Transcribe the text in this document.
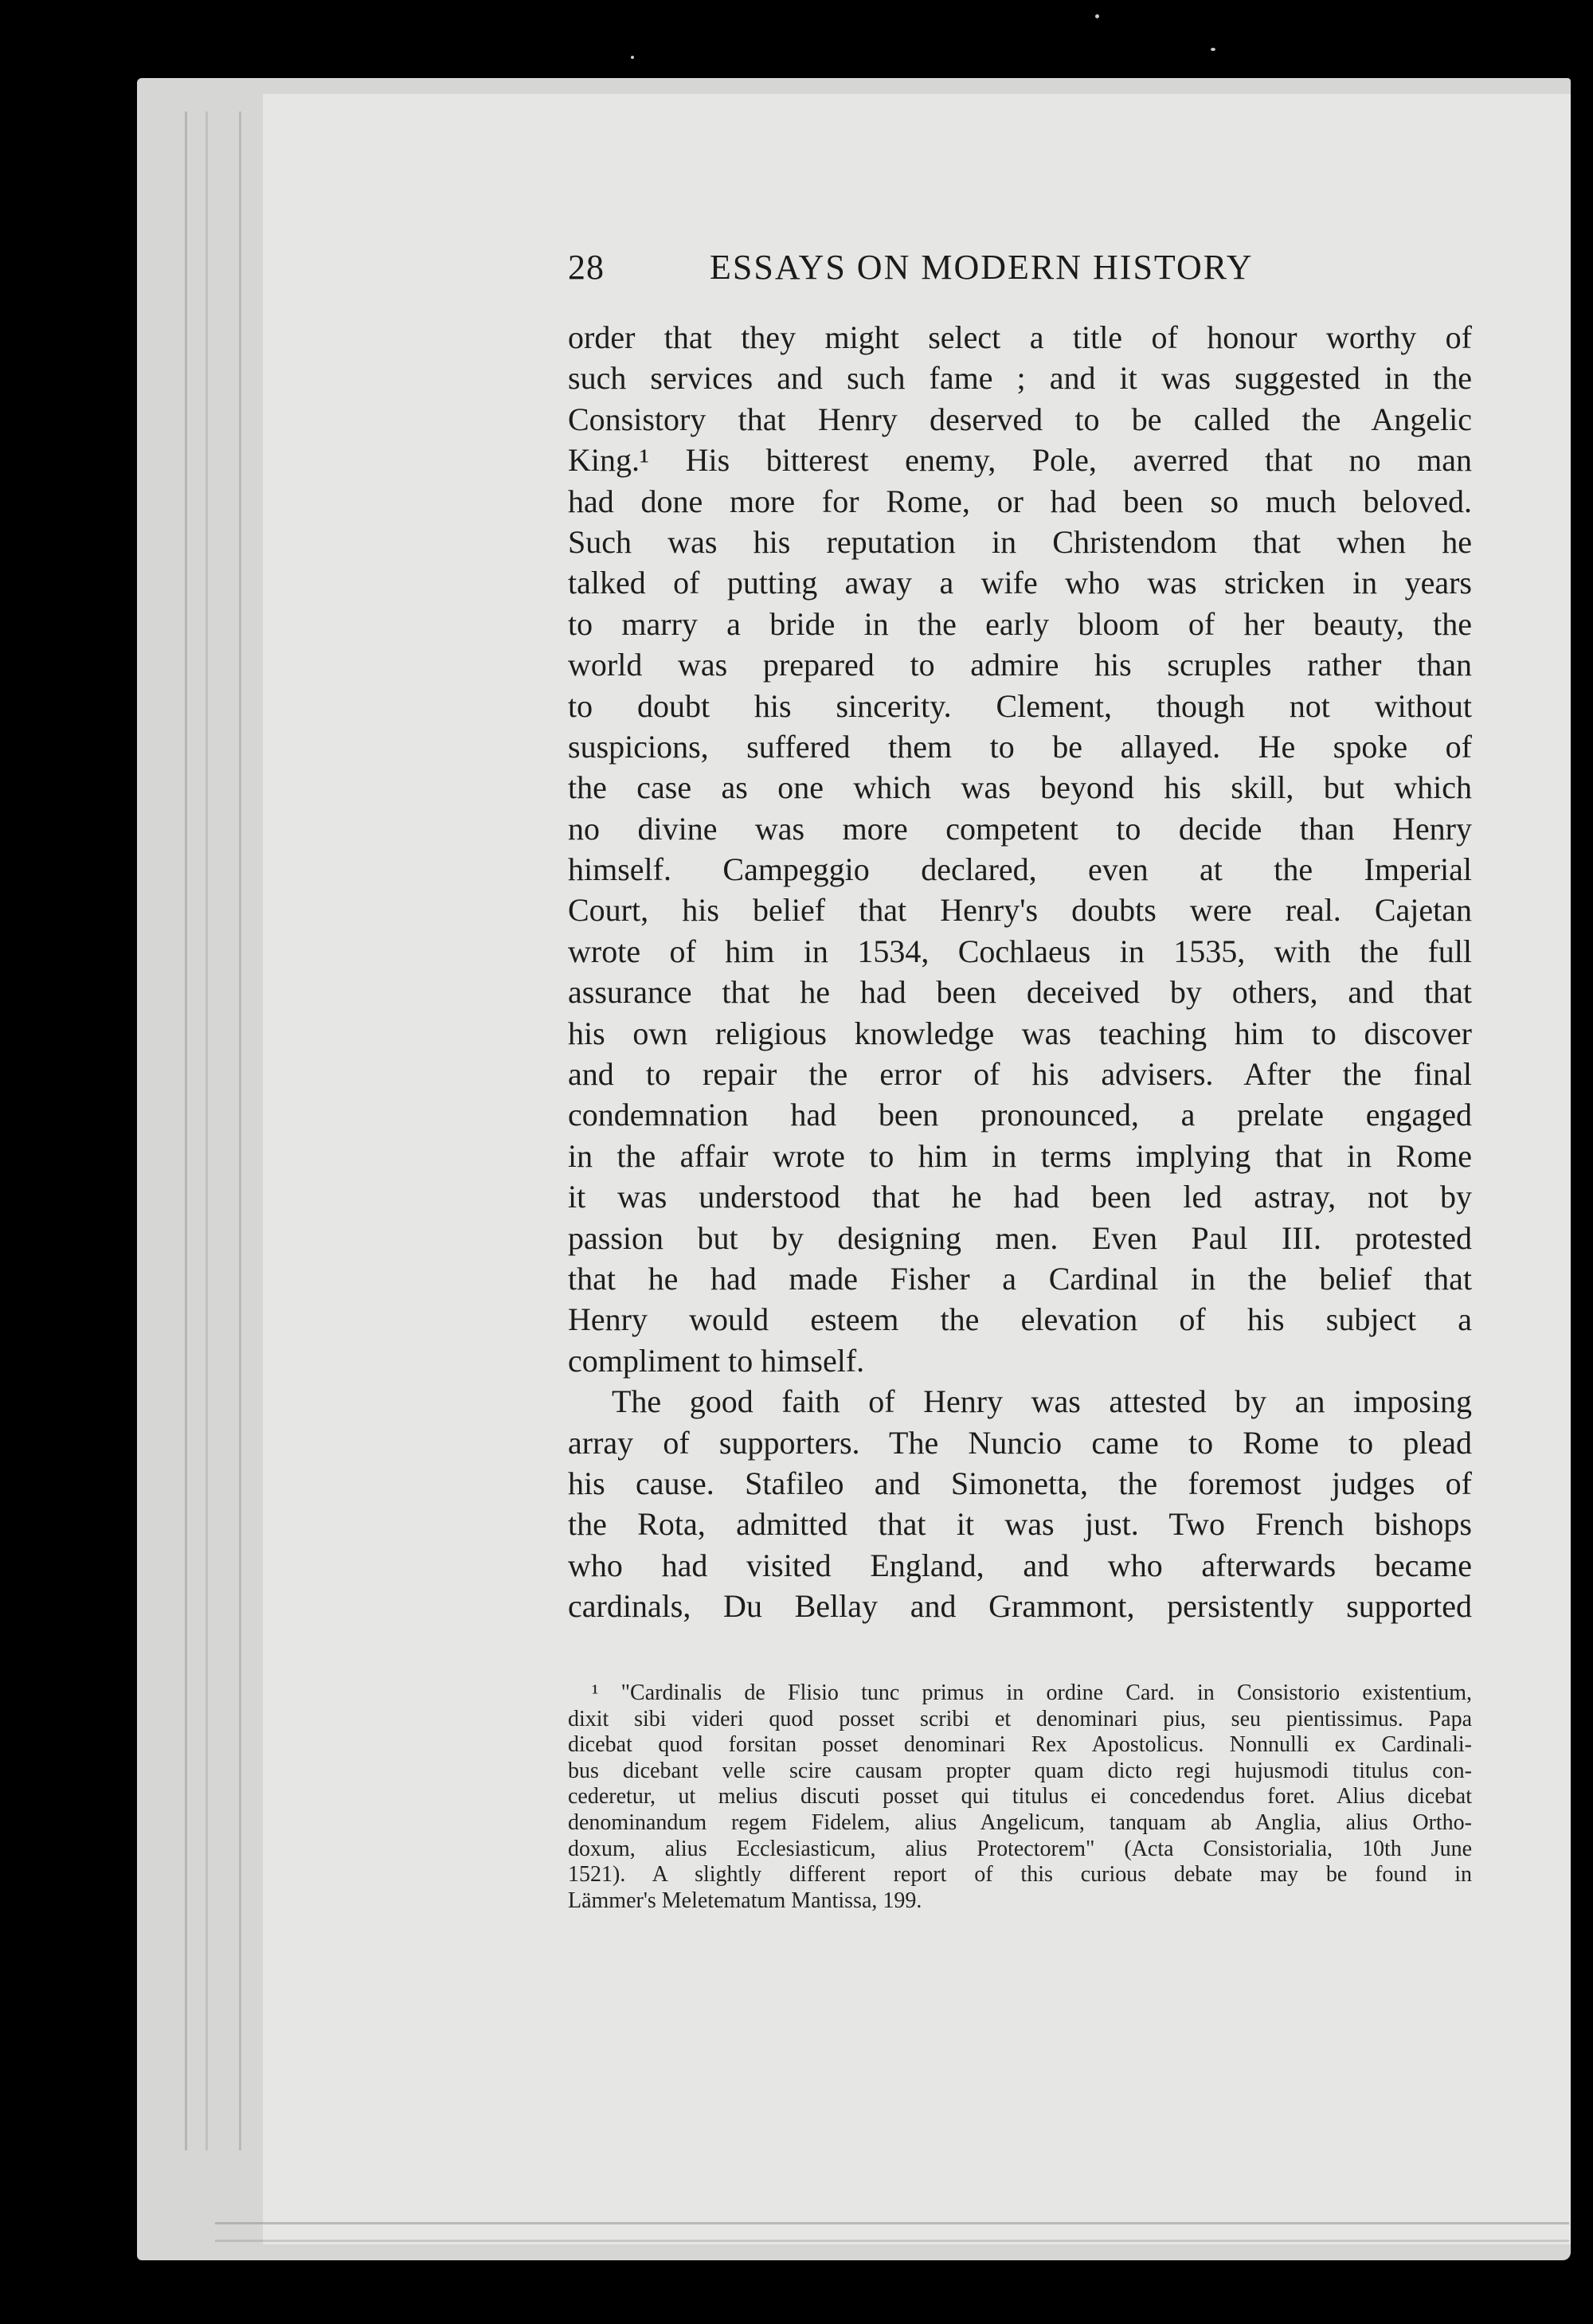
28	ESSAYS ON MODERN HISTORY
order that they might select a title of honour worthy of
such services and such fame ; and it was suggested in the
Consistory that Henry deserved to be called the Angelic
King.¹ His bitterest enemy, Pole, averred that no man
had done more for Rome, or had been so much beloved.
Such was his reputation in Christendom that when he
talked of putting away a wife who was stricken in years
to marry a bride in the early bloom of her beauty, the
world was prepared to admire his scruples rather than
to doubt his sincerity. Clement, though not without
suspicions, suffered them to be allayed. He spoke of
the case as one which was beyond his skill, but which
no divine was more competent to decide than Henry
himself. Campeggio declared, even at the Imperial
Court, his belief that Henry's doubts were real. Cajetan
wrote of him in 1534, Cochlaeus in 1535, with the full
assurance that he had been deceived by others, and that
his own religious knowledge was teaching him to discover
and to repair the error of his advisers. After the final
condemnation had been pronounced, a prelate engaged
in the affair wrote to him in terms implying that in Rome
it was understood that he had been led astray, not by
passion but by designing men. Even Paul III. protested
that he had made Fisher a Cardinal in the belief that
Henry would esteem the elevation of his subject a
compliment to himself.
The good faith of Henry was attested by an imposing
array of supporters. The Nuncio came to Rome to plead
his cause. Stafileo and Simonetta, the foremost judges of
the Rota, admitted that it was just. Two French bishops
who had visited England, and who afterwards became
cardinals, Du Bellay and Grammont, persistently supported
¹ "Cardinalis de Flisio tunc primus in ordine Card. in Consistorio existentium,
dixit sibi videri quod posset scribi et denominari pius, seu pientissimus. Papa
dicebat quod forsitan posset denominari Rex Apostolicus. Nonnulli ex Cardinali-
bus dicebant velle scire causam propter quam dicto regi hujusmodi titulus con-
cederetur, ut melius discuti posset qui titulus ei concedendus foret. Alius dicebat
denominandum regem Fidelem, alius Angelicum, tanquam ab Anglia, alius Ortho-
doxum, alius Ecclesiasticum, alius Protectorem" (Acta Consistorialia, 10th June
1521). A slightly different report of this curious debate may be found in
Lämmer's Meletematum Mantissa, 199.
